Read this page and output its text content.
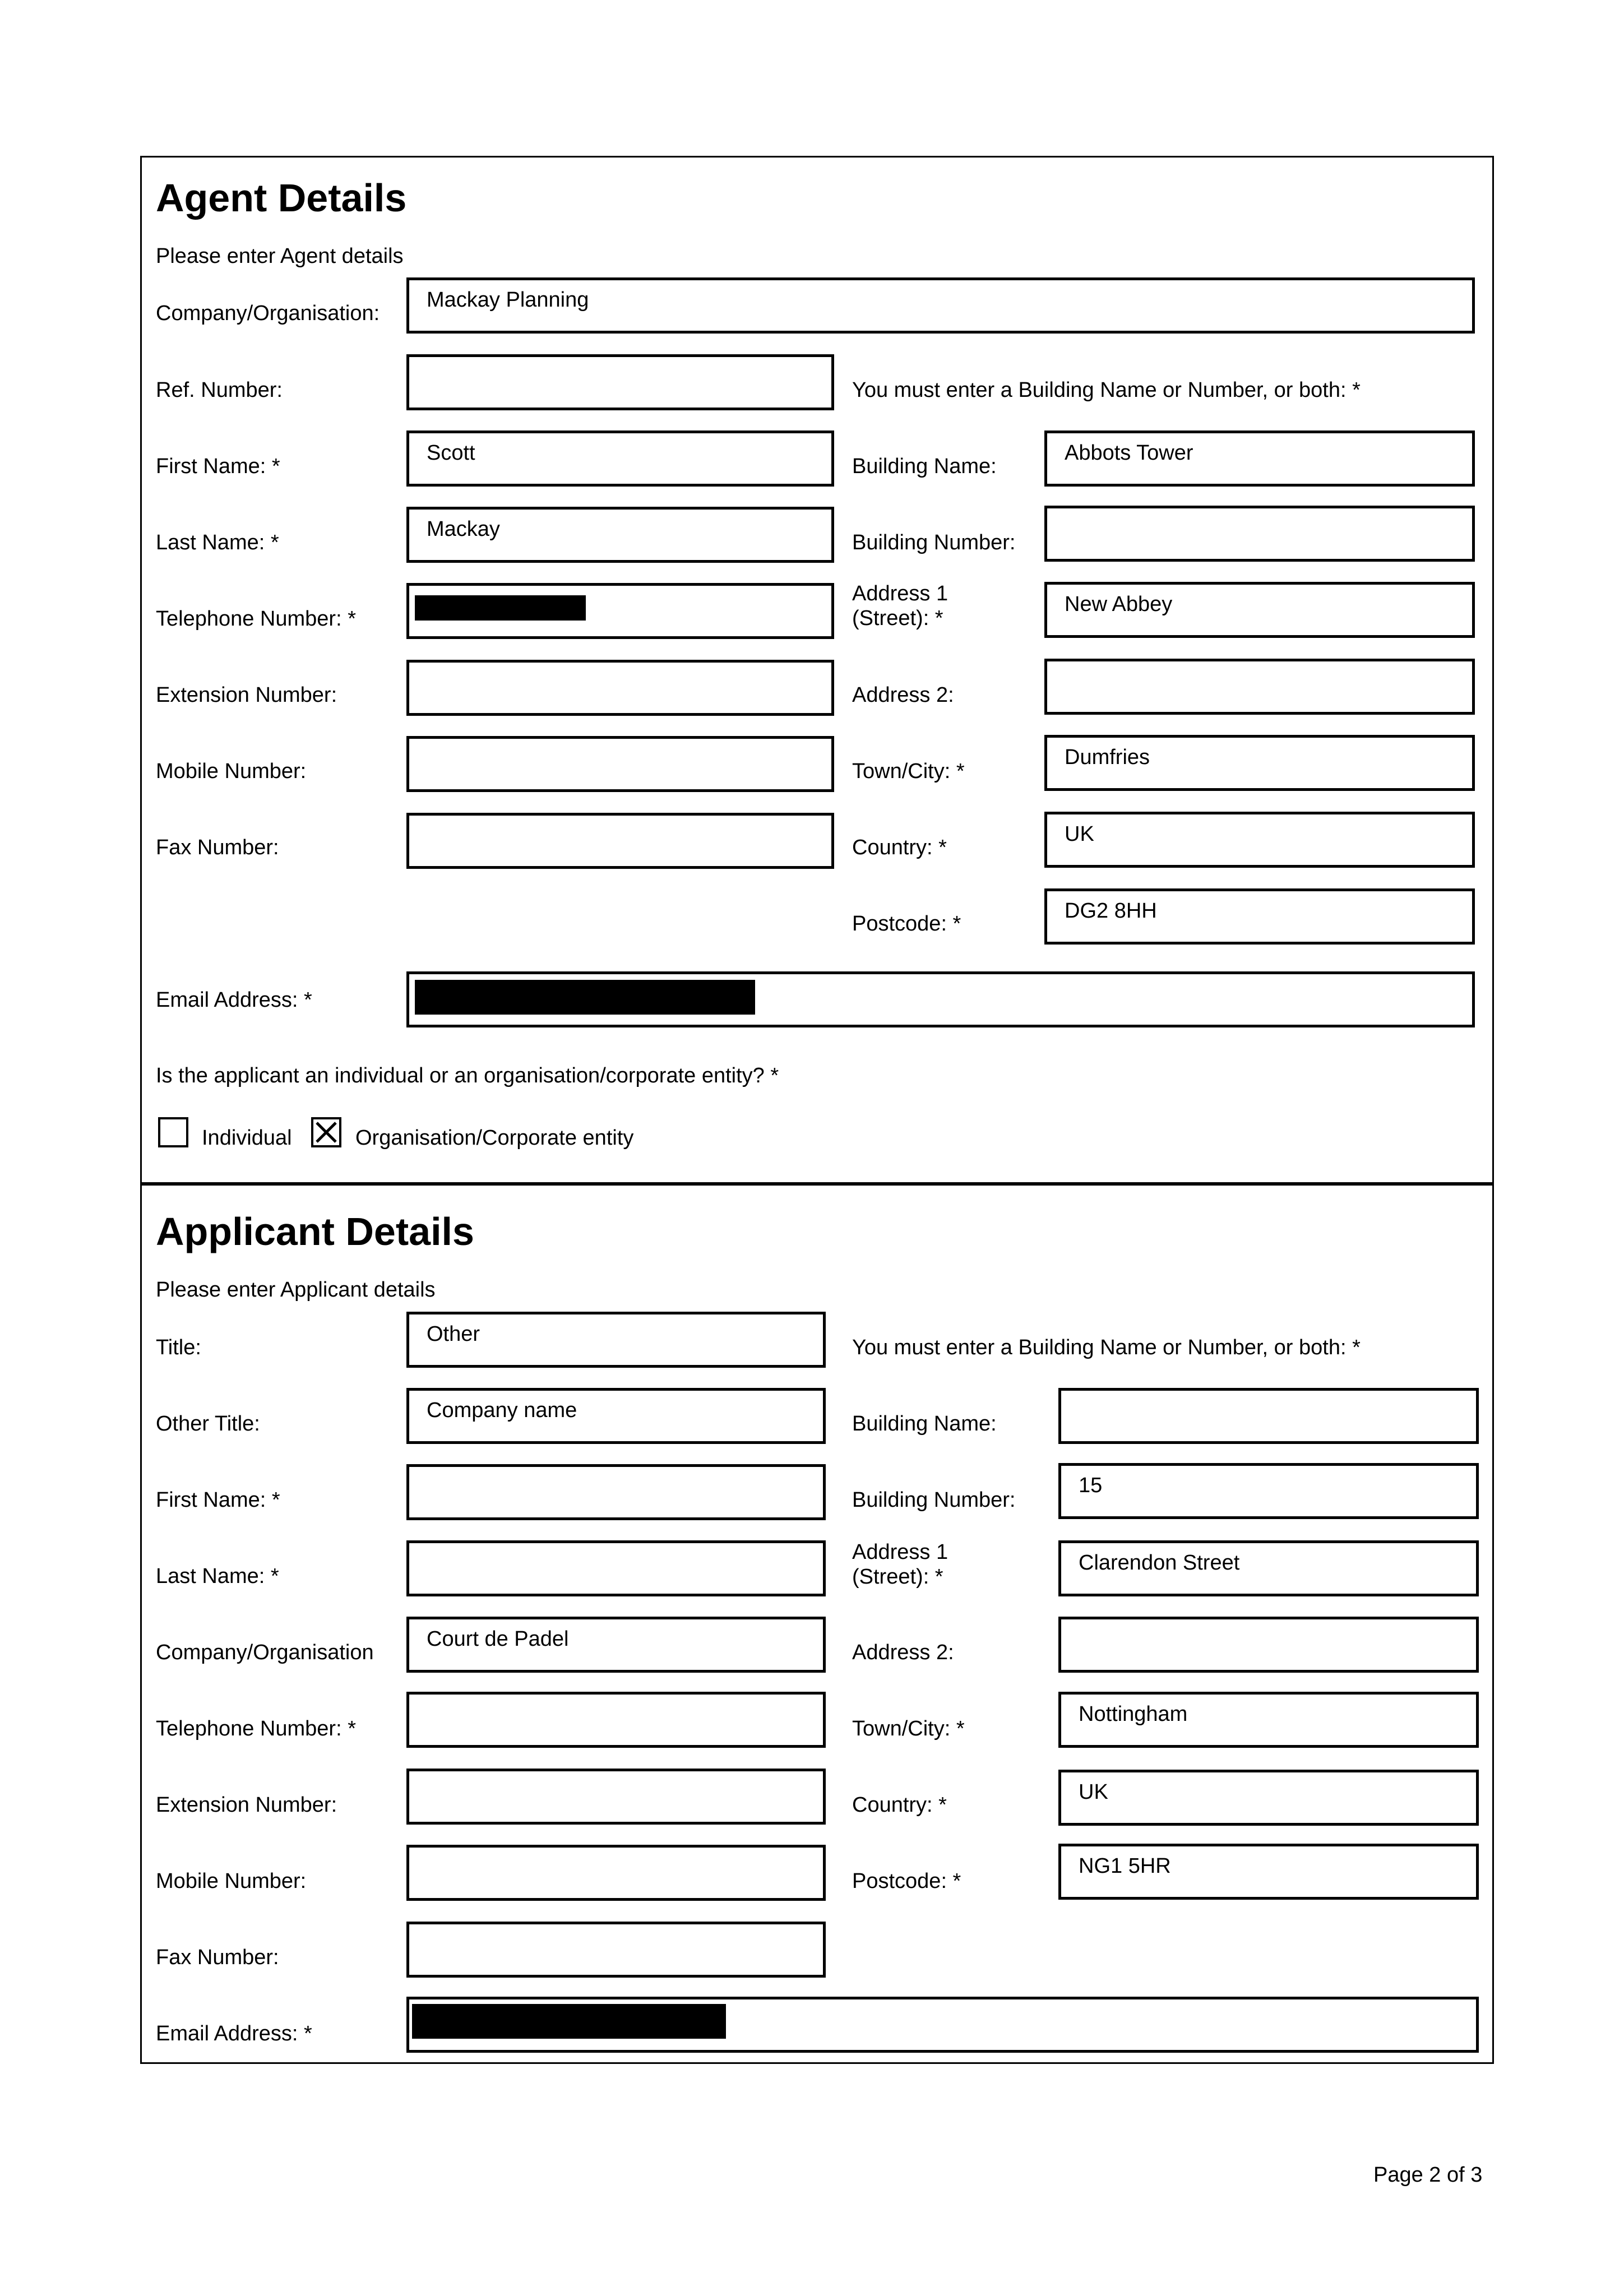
Agent Details
Please enter Agent details
Company/Organisation:
Mackay Planning
Ref. Number:	You must enter a Building Name or Number, or both: *
First Name: *
Scott
Building Name:
Abbots Tower
Last Name: *
Mackay
Building Number:
Telephone Number: *
Address 1
(Street): *
New Abbey
Extension Number:	Address 2:
Mobile Number:	Town/City: *
Dumfries
Fax Number:	Country: *
UK
Postcode: *
DG2 8HH
Email Address: *
Is the applicant an individual or an organisation/corporate entity? *
Individual	Organisation/Corporate entity
Applicant Details
Please enter Applicant details
Title:
Other
You must enter a Building Name or Number, or both: *
Other Title:
Company name
Building Name:
First Name: *	Building Number:
15
Last Name: *
Address 1
(Street): *
Clarendon Street
Company/Organisation
Court de Padel
Address 2:
Telephone Number: *	Town/City: *
Nottingham
Extension Number:	Country: *
UK
Mobile Number:	Postcode: *
NG1 5HR
Fax Number:
Email Address: *
Page 2 of 3
